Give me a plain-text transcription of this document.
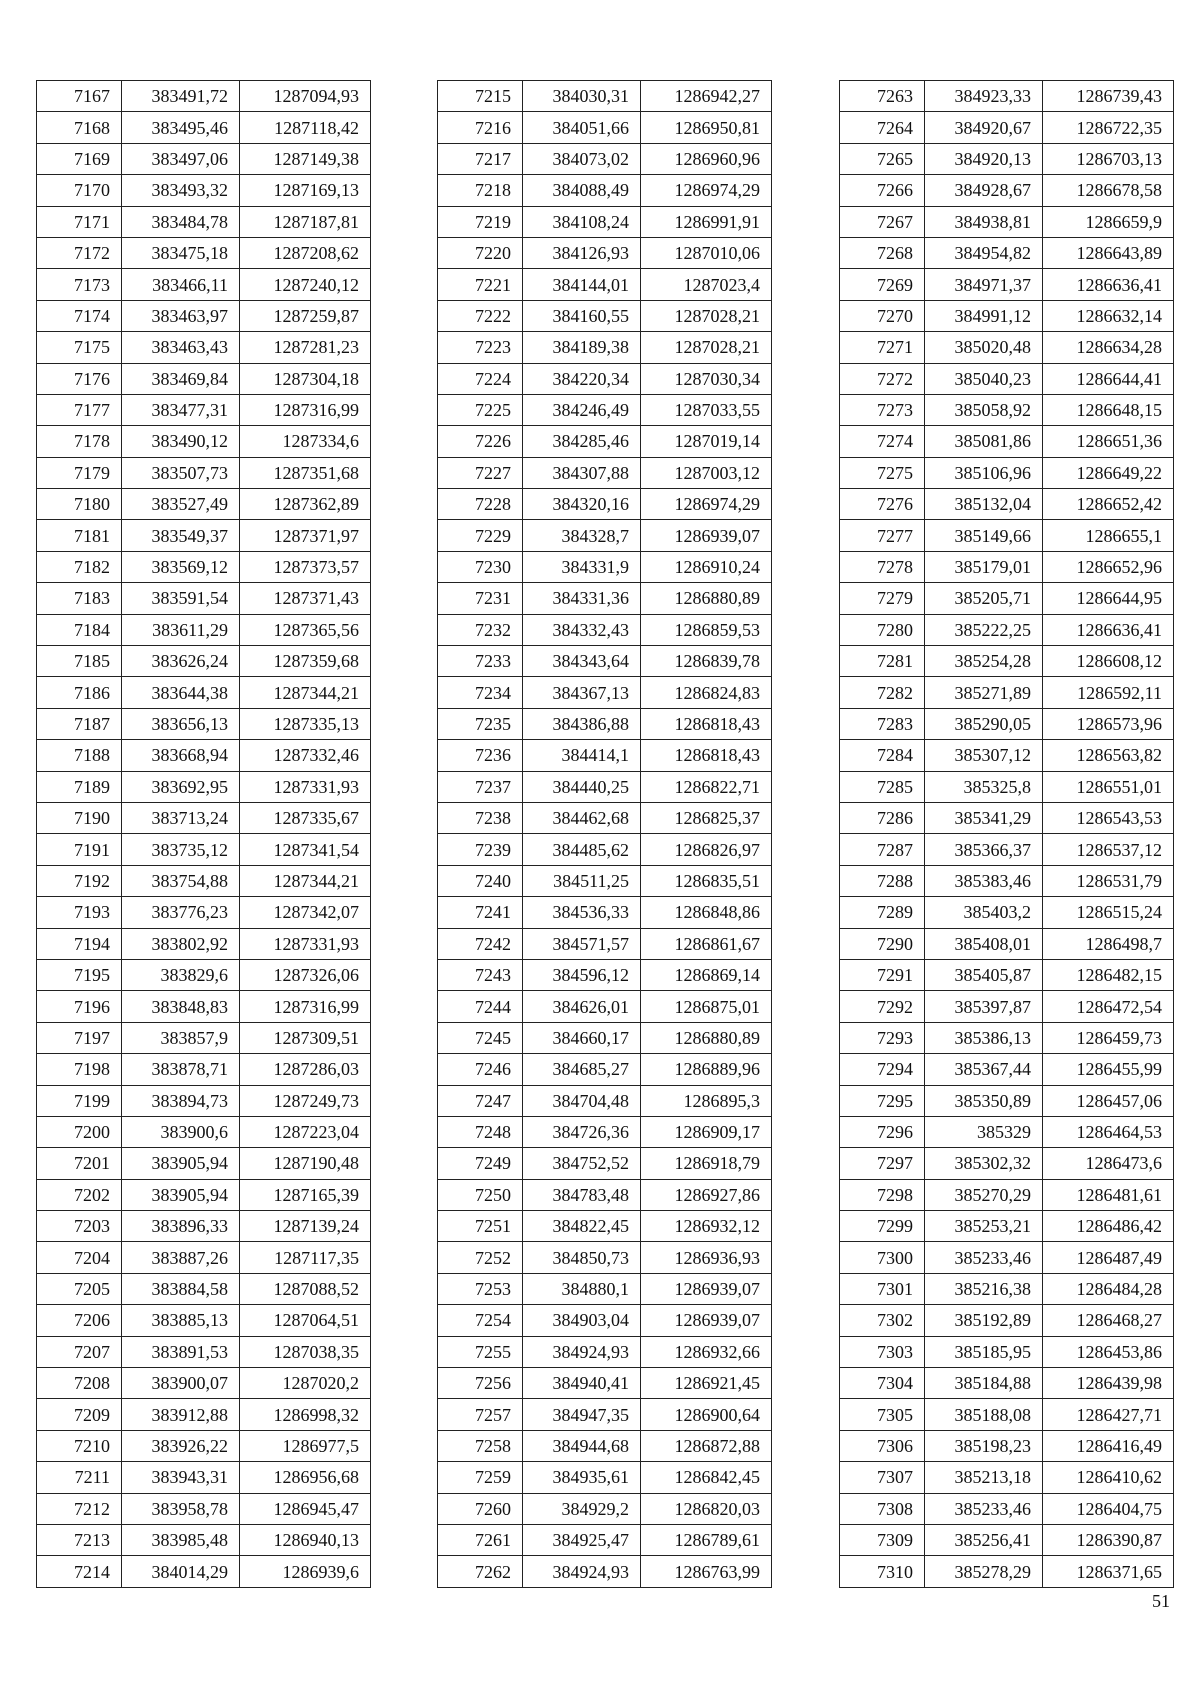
7167	383491,72	1287094,93
7168	383495,46	1287118,42
7169	383497,06	1287149,38
7170	383493,32	1287169,13
7171	383484,78	1287187,81
7172	383475,18	1287208,62
7173	383466,11	1287240,12
7174	383463,97	1287259,87
7175	383463,43	1287281,23
7176	383469,84	1287304,18
7177	383477,31	1287316,99
7178	383490,12	1287334,6
7179	383507,73	1287351,68
7180	383527,49	1287362,89
7181	383549,37	1287371,97
7182	383569,12	1287373,57
7183	383591,54	1287371,43
7184	383611,29	1287365,56
7185	383626,24	1287359,68
7186	383644,38	1287344,21
7187	383656,13	1287335,13
7188	383668,94	1287332,46
7189	383692,95	1287331,93
7190	383713,24	1287335,67
7191	383735,12	1287341,54
7192	383754,88	1287344,21
7193	383776,23	1287342,07
7194	383802,92	1287331,93
7195	383829,6	1287326,06
7196	383848,83	1287316,99
7197	383857,9	1287309,51
7198	383878,71	1287286,03
7199	383894,73	1287249,73
7200	383900,6	1287223,04
7201	383905,94	1287190,48
7202	383905,94	1287165,39
7203	383896,33	1287139,24
7204	383887,26	1287117,35
7205	383884,58	1287088,52
7206	383885,13	1287064,51
7207	383891,53	1287038,35
7208	383900,07	1287020,2
7209	383912,88	1286998,32
7210	383926,22	1286977,5
7211	383943,31	1286956,68
7212	383958,78	1286945,47
7213	383985,48	1286940,13
7214	384014,29	1286939,6
7215	384030,31	1286942,27
7216	384051,66	1286950,81
7217	384073,02	1286960,96
7218	384088,49	1286974,29
7219	384108,24	1286991,91
7220	384126,93	1287010,06
7221	384144,01	1287023,4
7222	384160,55	1287028,21
7223	384189,38	1287028,21
7224	384220,34	1287030,34
7225	384246,49	1287033,55
7226	384285,46	1287019,14
7227	384307,88	1287003,12
7228	384320,16	1286974,29
7229	384328,7	1286939,07
7230	384331,9	1286910,24
7231	384331,36	1286880,89
7232	384332,43	1286859,53
7233	384343,64	1286839,78
7234	384367,13	1286824,83
7235	384386,88	1286818,43
7236	384414,1	1286818,43
7237	384440,25	1286822,71
7238	384462,68	1286825,37
7239	384485,62	1286826,97
7240	384511,25	1286835,51
7241	384536,33	1286848,86
7242	384571,57	1286861,67
7243	384596,12	1286869,14
7244	384626,01	1286875,01
7245	384660,17	1286880,89
7246	384685,27	1286889,96
7247	384704,48	1286895,3
7248	384726,36	1286909,17
7249	384752,52	1286918,79
7250	384783,48	1286927,86
7251	384822,45	1286932,12
7252	384850,73	1286936,93
7253	384880,1	1286939,07
7254	384903,04	1286939,07
7255	384924,93	1286932,66
7256	384940,41	1286921,45
7257	384947,35	1286900,64
7258	384944,68	1286872,88
7259	384935,61	1286842,45
7260	384929,2	1286820,03
7261	384925,47	1286789,61
7262	384924,93	1286763,99
7263	384923,33	1286739,43
7264	384920,67	1286722,35
7265	384920,13	1286703,13
7266	384928,67	1286678,58
7267	384938,81	1286659,9
7268	384954,82	1286643,89
7269	384971,37	1286636,41
7270	384991,12	1286632,14
7271	385020,48	1286634,28
7272	385040,23	1286644,41
7273	385058,92	1286648,15
7274	385081,86	1286651,36
7275	385106,96	1286649,22
7276	385132,04	1286652,42
7277	385149,66	1286655,1
7278	385179,01	1286652,96
7279	385205,71	1286644,95
7280	385222,25	1286636,41
7281	385254,28	1286608,12
7282	385271,89	1286592,11
7283	385290,05	1286573,96
7284	385307,12	1286563,82
7285	385325,8	1286551,01
7286	385341,29	1286543,53
7287	385366,37	1286537,12
7288	385383,46	1286531,79
7289	385403,2	1286515,24
7290	385408,01	1286498,7
7291	385405,87	1286482,15
7292	385397,87	1286472,54
7293	385386,13	1286459,73
7294	385367,44	1286455,99
7295	385350,89	1286457,06
7296	385329	1286464,53
7297	385302,32	1286473,6
7298	385270,29	1286481,61
7299	385253,21	1286486,42
7300	385233,46	1286487,49
7301	385216,38	1286484,28
7302	385192,89	1286468,27
7303	385185,95	1286453,86
7304	385184,88	1286439,98
7305	385188,08	1286427,71
7306	385198,23	1286416,49
7307	385213,18	1286410,62
7308	385233,46	1286404,75
7309	385256,41	1286390,87
7310	385278,29	1286371,65
51
